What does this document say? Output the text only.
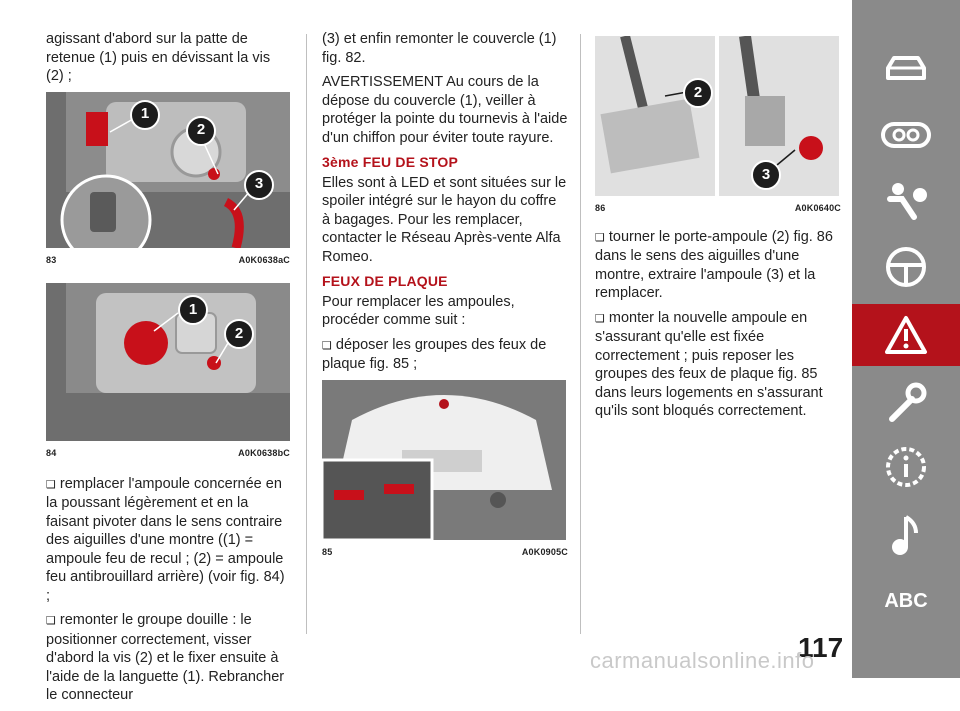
agissant d'abord sur la patte de retenue (1) puis en dévissant la vis (2) ;

1
2
3
83	A0K0638aC
1
2
84	A0K0638bC

❑ remplacer l'ampoule concernée en la poussant légèrement et en la faisant pivoter dans le sens contraire des aiguilles d'une montre ((1) = ampoule feu de recul ; (2) = ampoule feu antibrouillard arrière) (voir fig. 84) ;

❑ remonter le groupe douille : le positionner correctement, visser d'abord la vis (2) et le fixer ensuite à l'aide de la languette (1). Rebrancher le connecteur

(3) et enfin remonter le couvercle (1) fig. 82.

AVERTISSEMENT Au cours de la dépose du couvercle (1), veiller à protéger la pointe du tournevis à l'aide d'un chiffon pour éviter toute rayure.

3ème FEU DE STOP

Elles sont à LED et sont situées sur le spoiler intégré sur le hayon du coffre à bagages. Pour les remplacer, contacter le Réseau Après-vente Alfa Romeo.

FEUX DE PLAQUE

Pour remplacer les ampoules, procéder comme suit :

❑ déposer les groupes des feux de plaque fig. 85 ;

85	A0K0905C
2
3
86	A0K0640C

❑ tourner le porte-ampoule (2) fig. 86 dans le sens des aiguilles d'une montre, extraire l'ampoule (3) et la remplacer.

❑ monter la nouvelle ampoule en s'assurant qu'elle est fixée correctement ; puis reposer les groupes des feux de plaque fig. 85 dans leurs logements en s'assurant qu'ils sont bloqués correctement.

ABC
117
carmanualsonline.info
